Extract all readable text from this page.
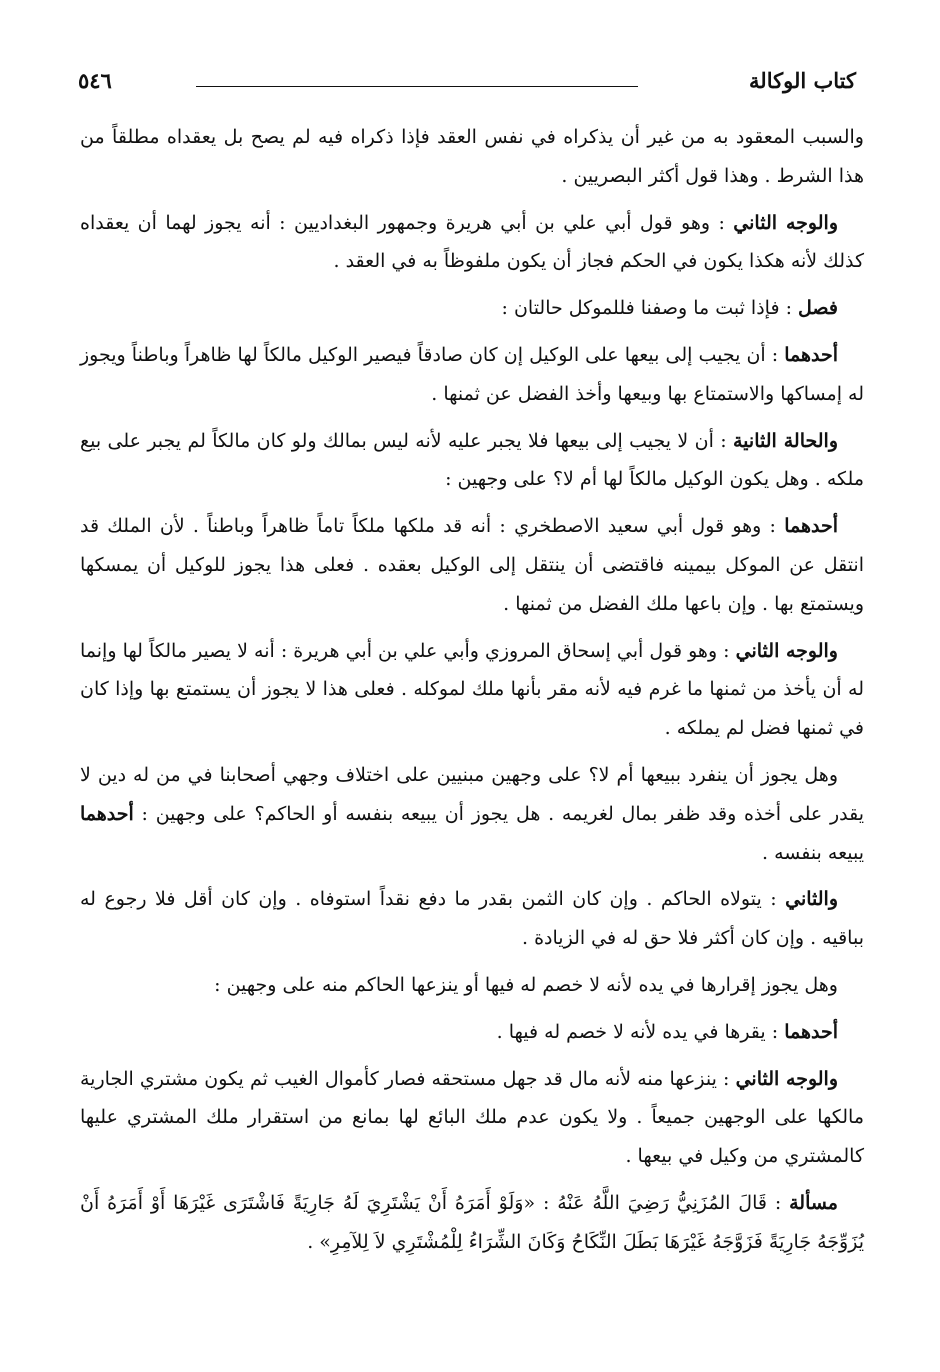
كتاب الوكالة
٥٤٦

والسبب المعقود به من غير أن يذكراه في نفس العقد فإذا ذكراه فيه لم يصح بل يعقداه مطلقاً من هذا الشرط . وهذا قول أكثر البصريين .

والوجه الثاني : وهو قول أبي علي بن أبي هريرة وجمهور البغداديين : أنه يجوز لهما أن يعقداه كذلك لأنه هكذا يكون في الحكم فجاز أن يكون ملفوظاً به في العقد .

فصل : فإذا ثبت ما وصفنا فللموكل حالتان :

أحدهما : أن يجيب إلى بيعها على الوكيل إن كان صادقاً فيصير الوكيل مالكاً لها ظاهراً وباطناً ويجوز له إمساكها والاستمتاع بها وبيعها وأخذ الفضل عن ثمنها .

والحالة الثانية : أن لا يجيب إلى بيعها فلا يجبر عليه لأنه ليس بمالك ولو كان مالكاً لم يجبر على بيع ملكه . وهل يكون الوكيل مالكاً لها أم لا؟ على وجهين :

أحدهما : وهو قول أبي سعيد الاصطخري : أنه قد ملكها ملكاً تاماً ظاهراً وباطناً . لأن الملك قد انتقل عن الموكل بيمينه فاقتضى أن ينتقل إلى الوكيل بعقده . فعلى هذا يجوز للوكيل أن يمسكها ويستمتع بها . وإن باعها ملك الفضل من ثمنها .

والوجه الثاني : وهو قول أبي إسحاق المروزي وأبي علي بن أبي هريرة : أنه لا يصير مالكاً لها وإنما له أن يأخذ من ثمنها ما غرم فيه لأنه مقر بأنها ملك لموكله . فعلى هذا لا يجوز أن يستمتع بها وإذا كان في ثمنها فضل لم يملكه .

وهل يجوز أن ينفرد ببيعها أم لا؟ على وجهين مبنيين على اختلاف وجهي أصحابنا في من له دين لا يقدر على أخذه وقد ظفر بمال لغريمه . هل يجوز أن يبيعه بنفسه أو الحاكم؟ على وجهين : أحدهما يبيعه بنفسه .

والثاني : يتولاه الحاكم . وإن كان الثمن بقدر ما دفع نقداً استوفاه . وإن كان أقل فلا رجوع له بباقيه . وإن كان أكثر فلا حق له في الزيادة .

وهل يجوز إقرارها في يده لأنه لا خصم له فيها أو ينزعها الحاكم منه على وجهين :

أحدهما : يقرها في يده لأنه لا خصم له فيها .

والوجه الثاني : ينزعها منه لأنه مال قد جهل مستحقه فصار كأموال الغيب ثم يكون مشتري الجارية مالكها على الوجهين جميعاً . ولا يكون عدم ملك البائع لها بمانع من استقرار ملك المشتري عليها كالمشتري من وكيل في بيعها .

مسألة : قَالَ المُزَنِيُّ رَضِيَ اللَّهُ عَنْهُ : «وَلَوْ أَمَرَهُ أَنْ يَشْتَرِيَ لَهُ جَارِيَةً فَاشْتَرَى غَيْرَهَا أَوْ أَمَرَهُ أَنْ يُزَوِّجَهُ جَارِيَةً فَزَوَّجَهُ غَيْرَهَا بَطَلَ النِّكَاحُ وَكَانَ الشِّرَاءُ لِلْمُشْتَرِي لاَ لِلآمِرِ» .
